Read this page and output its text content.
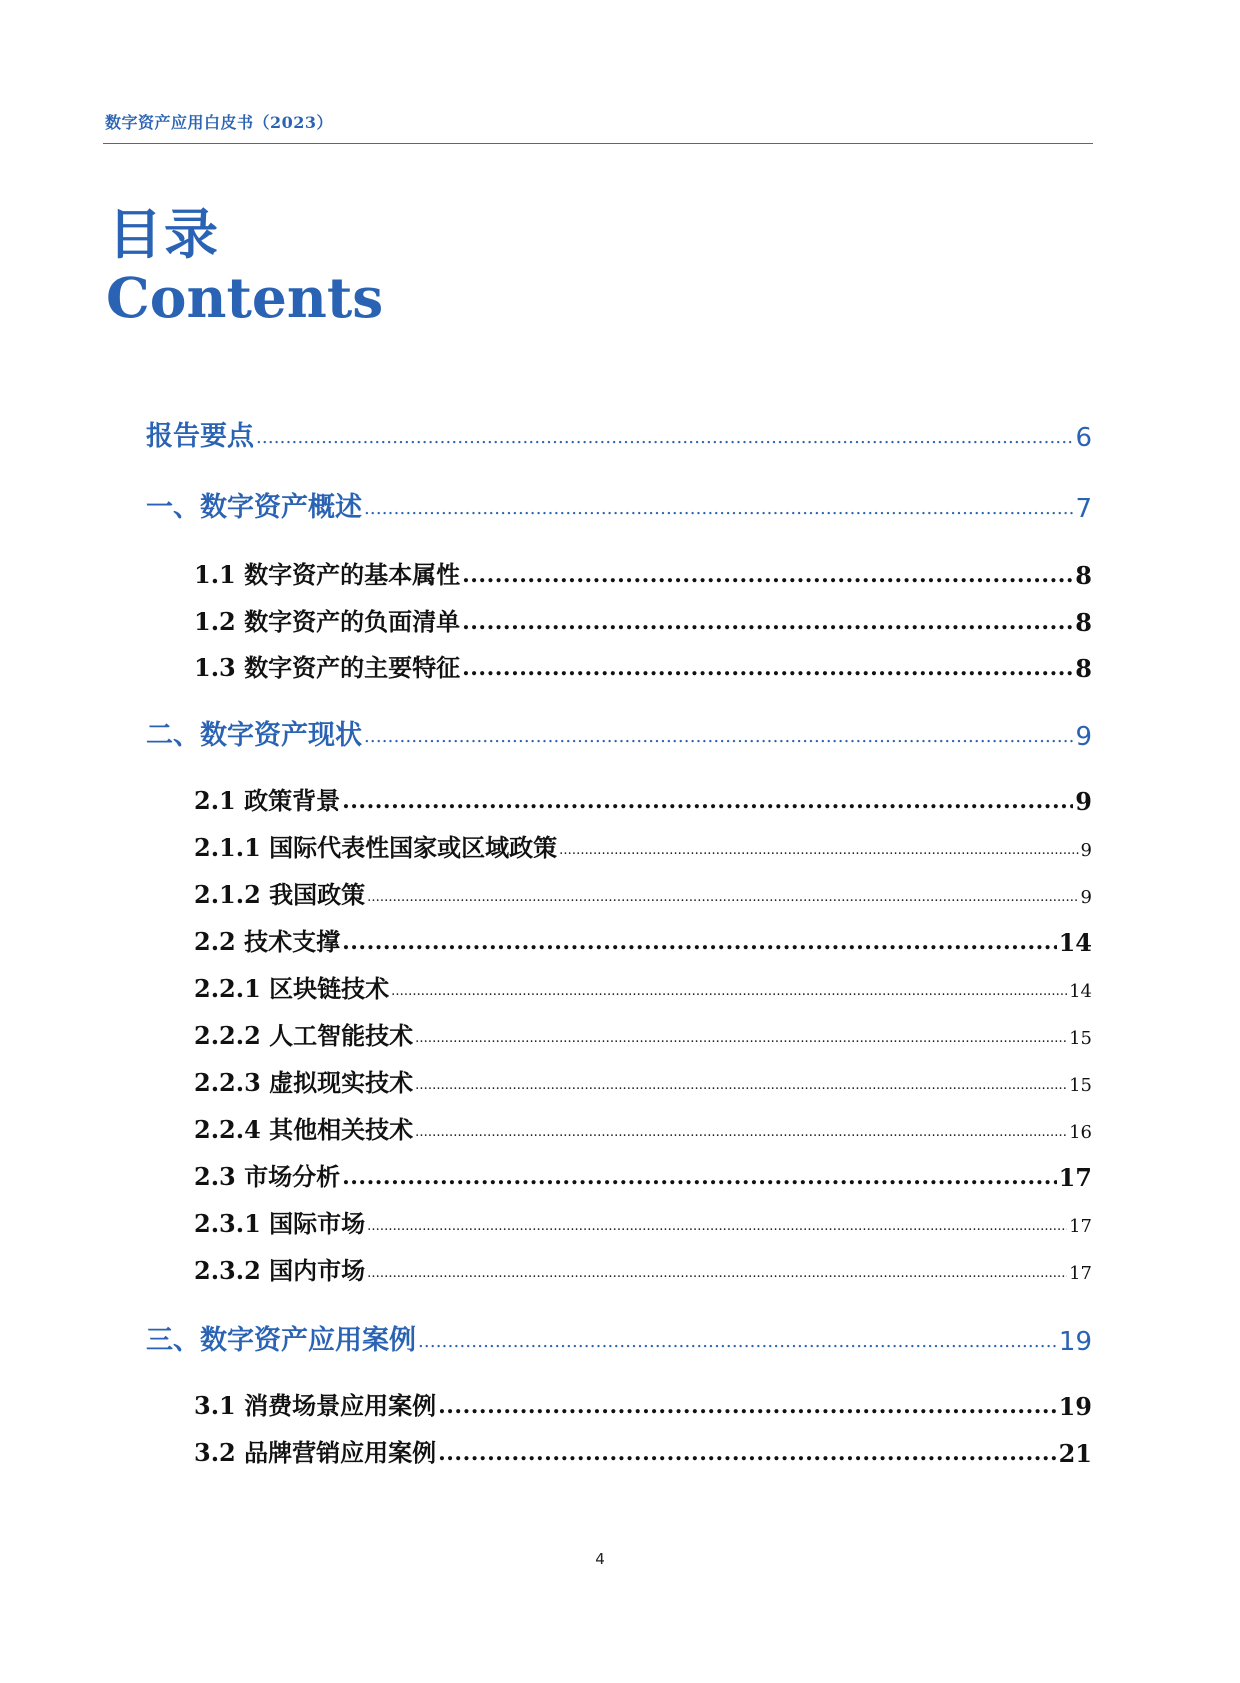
数字资产应用白皮书（2023）
目录
Contents
报告要点 .....	6
一、数字资产概述 .....	7
1.1 数字资产的基本属性 .....	8
1.2 数字资产的负面清单 .....	8
1.3 数字资产的主要特征 .....	8
二、数字资产现状 .....	9
2.1 政策背景 .....	9
2.1.1 国际代表性国家或区域政策 .....	9
2.1.2 我国政策 .....	9
2.2 技术支撑 .....	14
2.2.1 区块链技术 .....	14
2.2.2 人工智能技术 .....	15
2.2.3 虚拟现实技术 .....	15
2.2.4 其他相关技术 .....	16
2.3 市场分析 .....	17
2.3.1 国际市场 .....	17
2.3.2 国内市场 .....	17
三、数字资产应用案例 .....	19
3.1 消费场景应用案例 .....	19
3.2 品牌营销应用案例 .....	21
4
